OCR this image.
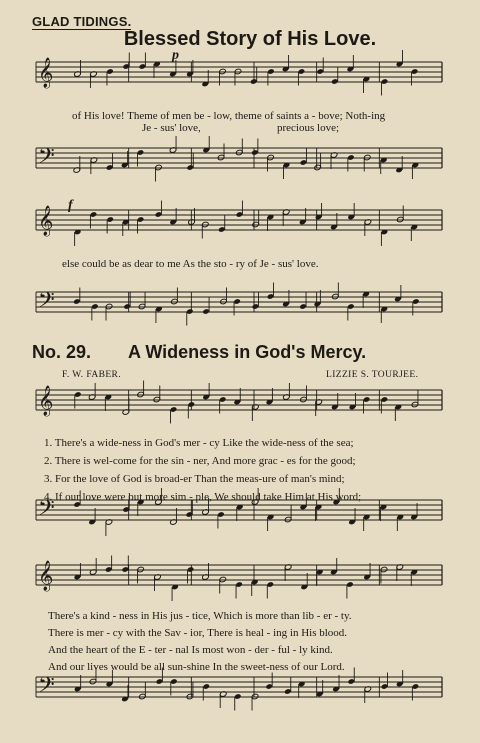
𝄞
𝄢
𝄞
𝄢
𝄞
𝄢
𝄞
𝄢
GLAD TIDINGS.
Blessed Story of His Love.
p
f
of His love! Theme of men be - low, theme of saints a - bove; Noth-ing
Je - sus' love,	precious love;
else could be as dear to me As the sto - ry of Je - sus' love.
No. 29. A Wideness in God's Mercy.
F. W. FABER.	LIZZIE S. TOURJEE.
1. There's a wide-ness in God's mer - cy Like the wide-ness of the sea;
2. There is wel-come for the sin - ner, And more grac - es for the good;
3. For the love of God is broad-er Than the meas-ure of man's mind;
4. If our love were but more sim - ple, We should take Him at His word;
There's a kind - ness in His jus - tice, Which is more than lib - er - ty.
There is mer - cy with the Sav - ior, There is heal - ing in His blood.
And the heart of the E - ter - nal Is most won - der - ful - ly kind.
And our lives would be all sun-shine In the sweet-ness of our Lord.
